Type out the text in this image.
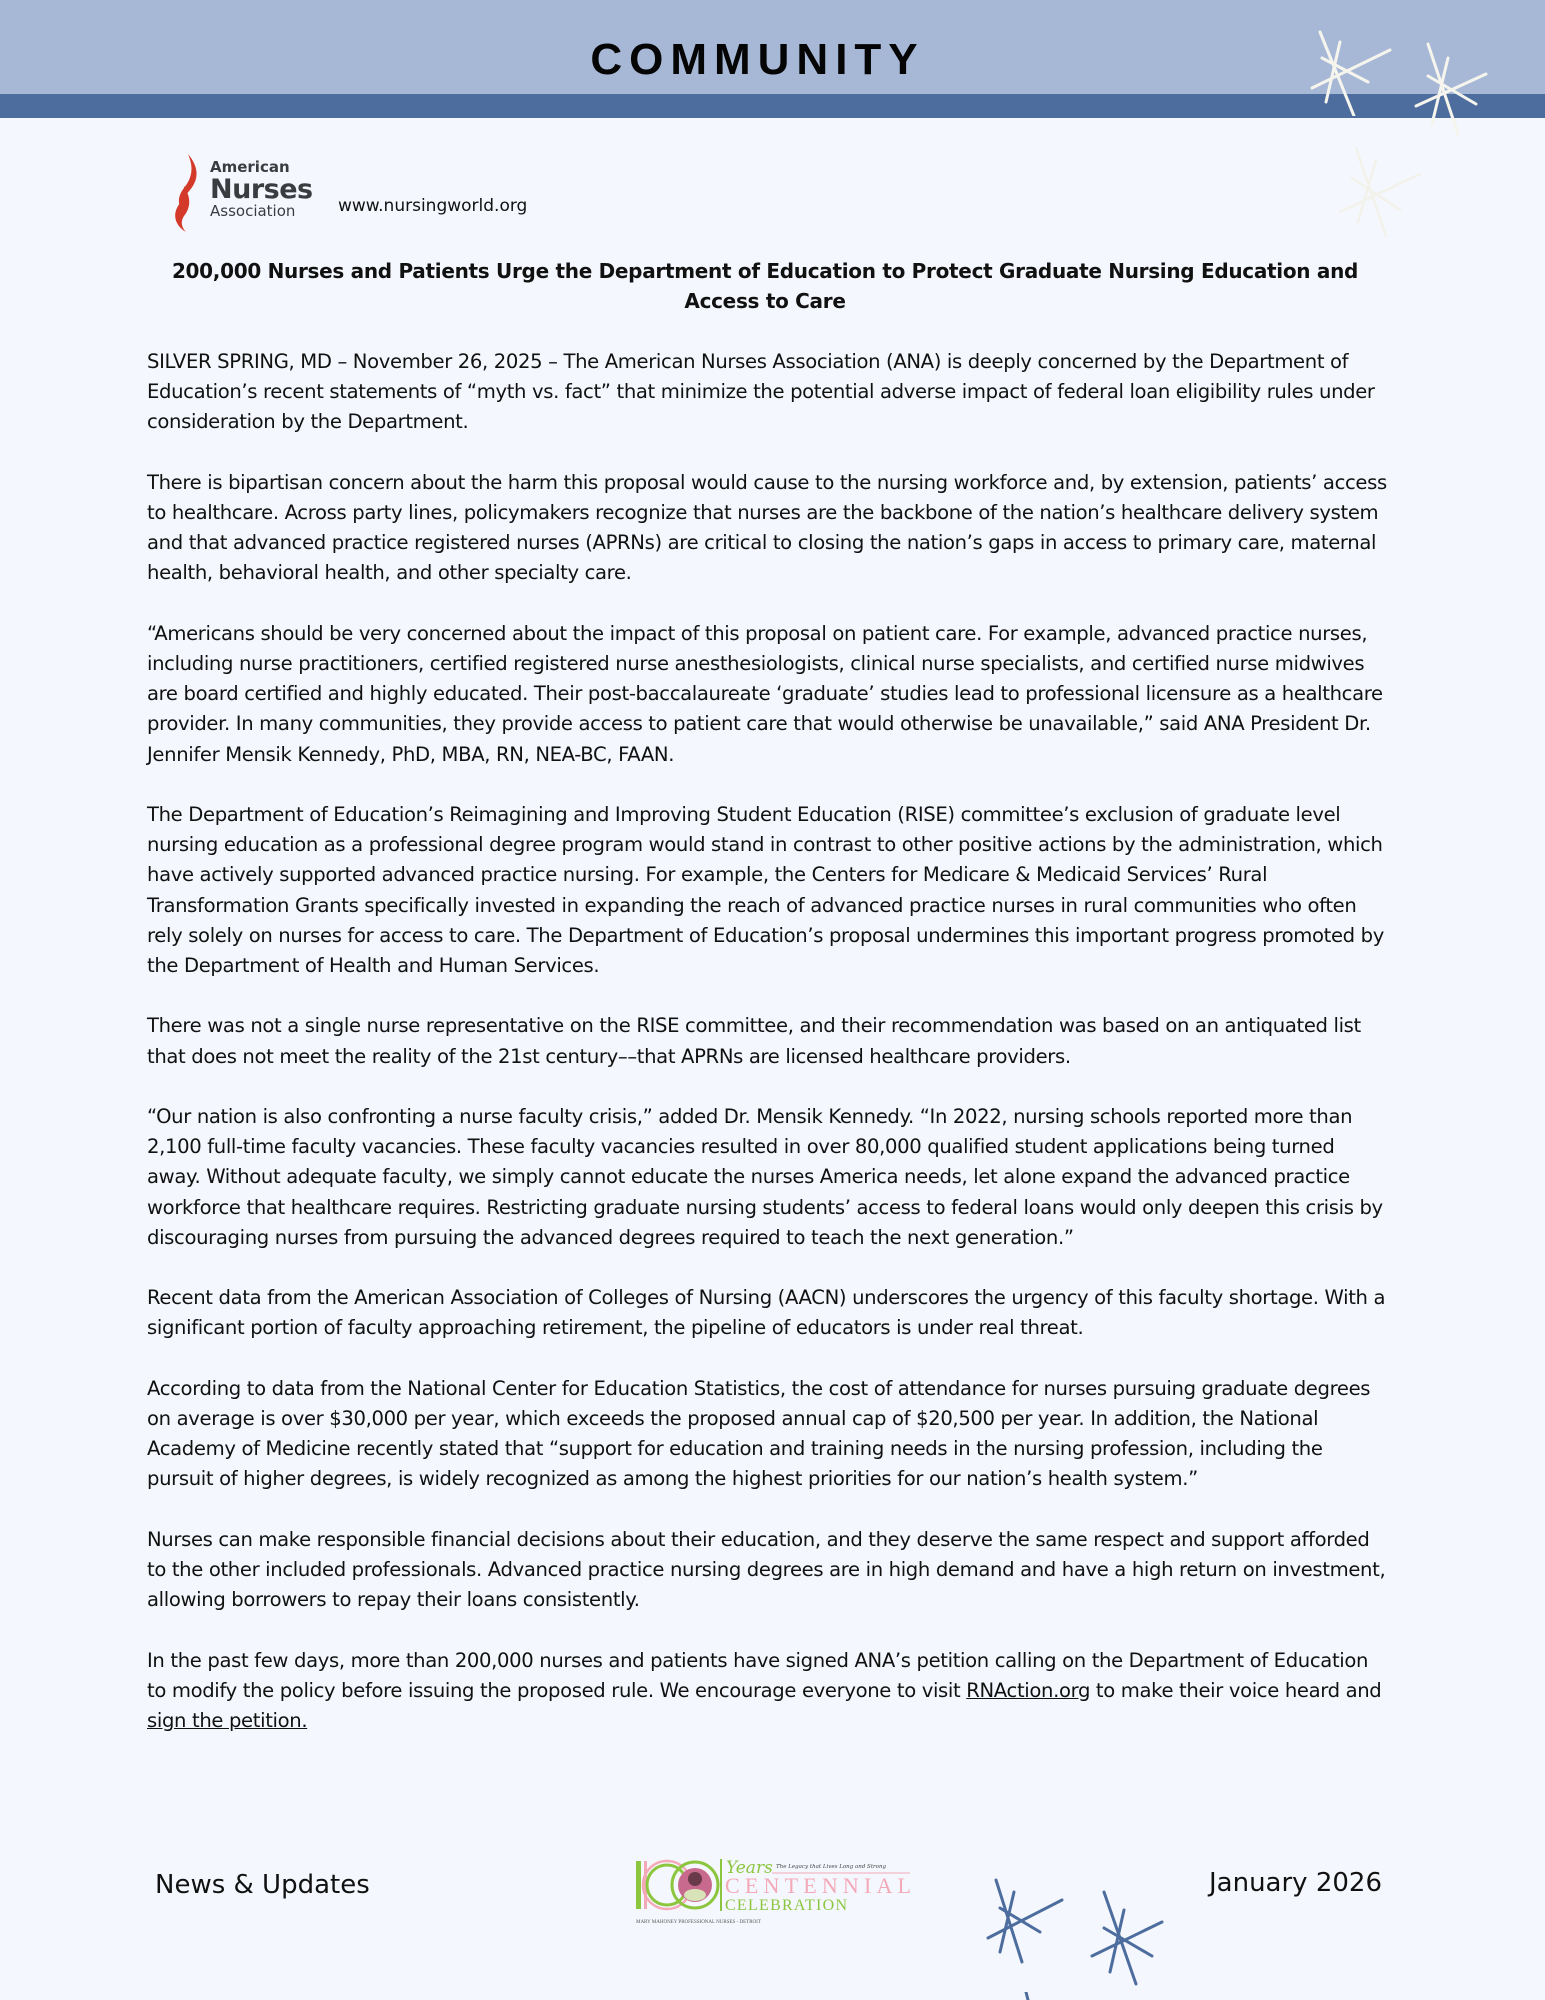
COMMUNITY
American
Nurses
Association	www.nursingworld.org
200,000 Nurses and Patients Urge the Department of Education to Protect Graduate Nursing Education and Access to Care

SILVER SPRING, MD – November 26, 2025 – The American Nurses Association (ANA) is deeply concerned by the Department of Education’s recent statements of “myth vs. fact” that minimize the potential adverse impact of federal loan eligibility rules under consideration by the Department.

There is bipartisan concern about the harm this proposal would cause to the nursing workforce and, by extension, patients’ access to healthcare. Across party lines, policymakers recognize that nurses are the backbone of the nation’s healthcare delivery system and that advanced practice registered nurses (APRNs) are critical to closing the nation’s gaps in access to primary care, maternal health, behavioral health, and other specialty care.

“Americans should be very concerned about the impact of this proposal on patient care. For example, advanced practice nurses, including nurse practitioners, certified registered nurse anesthesiologists, clinical nurse specialists, and certified nurse midwives are board certified and highly educated. Their post-baccalaureate ‘graduate’ studies lead to professional licensure as a healthcare provider. In many communities, they provide access to patient care that would otherwise be unavailable,” said ANA President Dr. Jennifer Mensik Kennedy, PhD, MBA, RN, NEA-BC, FAAN.

The Department of Education’s Reimagining and Improving Student Education (RISE) committee’s exclusion of graduate level nursing education as a professional degree program would stand in contrast to other positive actions by the administration, which have actively supported advanced practice nursing. For example, the Centers for Medicare & Medicaid Services’ Rural Transformation Grants specifically invested in expanding the reach of advanced practice nurses in rural communities who often rely solely on nurses for access to care. The Department of Education’s proposal undermines this important progress promoted by the Department of Health and Human Services.

There was not a single nurse representative on the RISE committee, and their recommendation was based on an antiquated list that does not meet the reality of the 21st century––that APRNs are licensed healthcare providers.

“Our nation is also confronting a nurse faculty crisis,” added Dr. Mensik Kennedy. “In 2022, nursing schools reported more than 2,100 full-time faculty vacancies. These faculty vacancies resulted in over 80,000 qualified student applications being turned away. Without adequate faculty, we simply cannot educate the nurses America needs, let alone expand the advanced practice workforce that healthcare requires. Restricting graduate nursing students’ access to federal loans would only deepen this crisis by discouraging nurses from pursuing the advanced degrees required to teach the next generation.”

Recent data from the American Association of Colleges of Nursing (AACN) underscores the urgency of this faculty shortage. With a significant portion of faculty approaching retirement, the pipeline of educators is under real threat.

According to data from the National Center for Education Statistics, the cost of attendance for nurses pursuing graduate degrees on average is over $30,000 per year, which exceeds the proposed annual cap of $20,500 per year. In addition, the National Academy of Medicine recently stated that “support for education and training needs in the nursing profession, including the pursuit of higher degrees, is widely recognized as among the highest priorities for our nation’s health system.”

Nurses can make responsible financial decisions about their education, and they deserve the same respect and support afforded to the other included professionals. Advanced practice nursing degrees are in high demand and have a high return on investment, allowing borrowers to repay their loans consistently.

In the past few days, more than 200,000 nurses and patients have signed ANA’s petition calling on the Department of Education to modify the policy before issuing the proposed rule. We encourage everyone to visit RNAction.org to make their voice heard and sign the petition.

News & Updates
Years The Legacy that Lives Long and Strong
CENTENNIAL
CELEBRATION
MARY MAHONEY PROFESSIONAL NURSES - DETROIT
January 2026
